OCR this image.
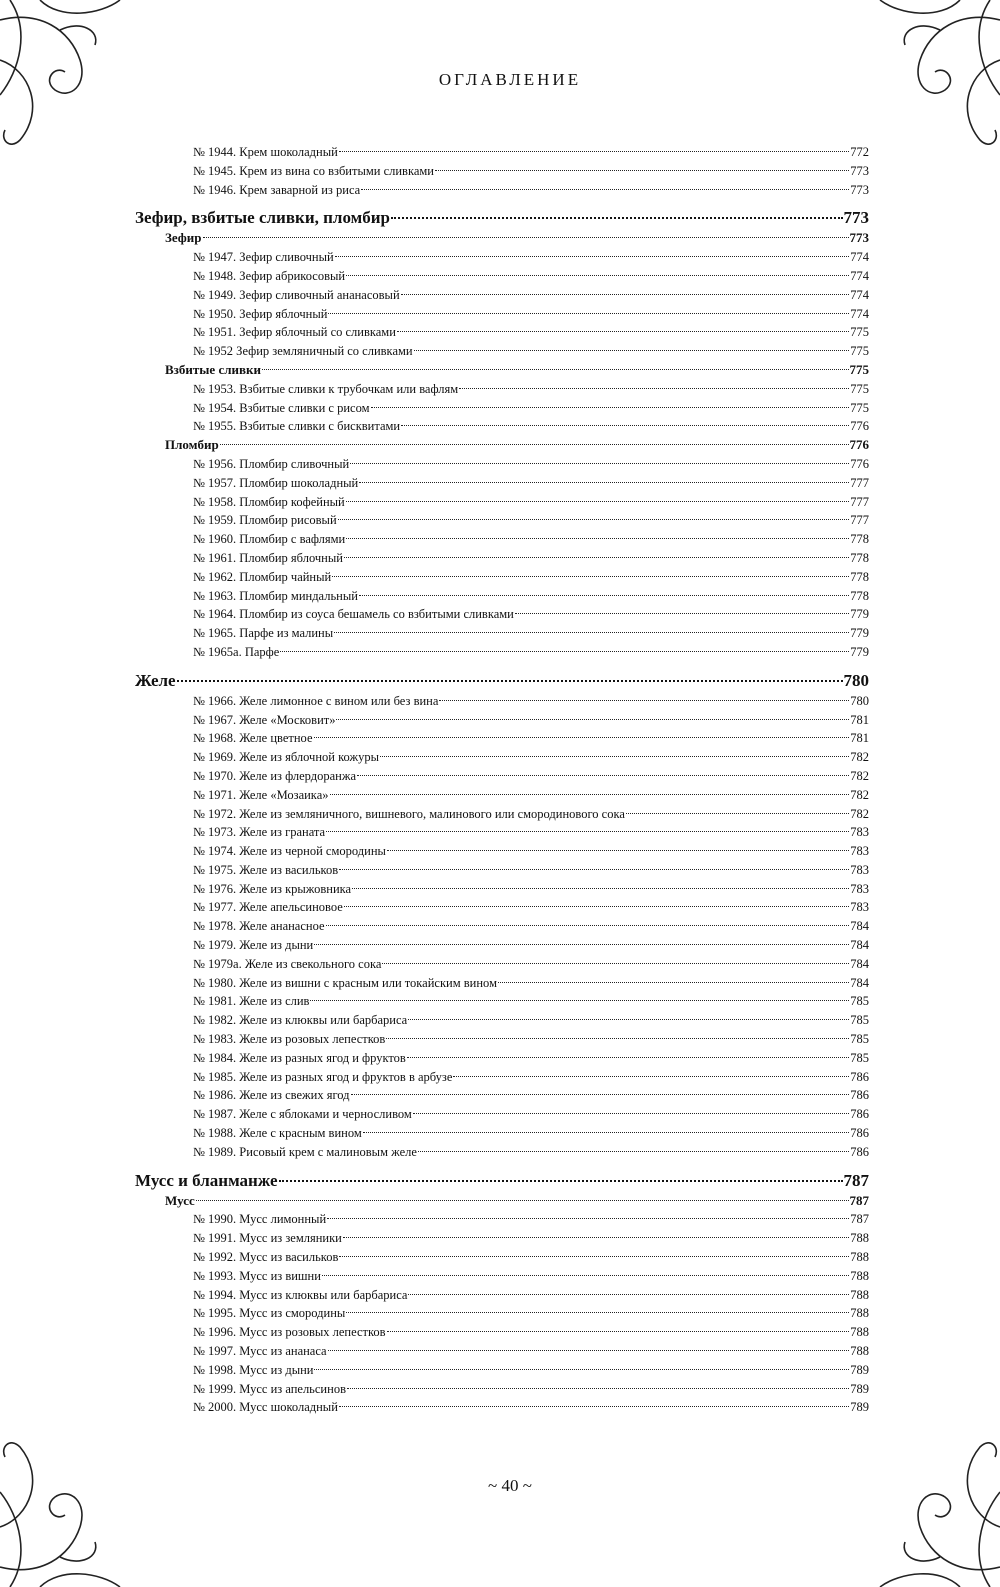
ОГЛАВЛЕНИЕ
№ 1944. Крем шоколадный	772
№ 1945. Крем из вина со взбитыми сливками	773
№ 1946. Крем заварной из риса	773
Зефир, взбитые сливки, пломбир	773
Зефир	773
№ 1947. Зефир сливочный	774
№ 1948. Зефир абрикосовый	774
№ 1949. Зефир сливочный ананасовый	774
№ 1950. Зефир яблочный	774
№ 1951. Зефир яблочный со сливками	775
№ 1952 Зефир земляничный со сливками	775
Взбитые сливки	775
№ 1953. Взбитые сливки к трубочкам или вафлям	775
№ 1954. Взбитые сливки с рисом	775
№ 1955. Взбитые сливки с бисквитами	776
Пломбир	776
№ 1956. Пломбир сливочный	776
№ 1957. Пломбир шоколадный	777
№ 1958. Пломбир кофейный	777
№ 1959. Пломбир рисовый	777
№ 1960. Пломбир с вафлями	778
№ 1961. Пломбир яблочный	778
№ 1962. Пломбир чайный	778
№ 1963. Пломбир миндальный	778
№ 1964. Пломбир из соуса бешамель со взбитыми сливками	779
№ 1965. Парфе из малины	779
№ 1965а. Парфе	779
Желе	780
№ 1966. Желе лимонное с вином или без вина	780
№ 1967. Желе «Московит»	781
№ 1968. Желе цветное	781
№ 1969. Желе из яблочной кожуры	782
№ 1970. Желе из флердоранжа	782
№ 1971. Желе «Мозаика»	782
№ 1972. Желе из земляничного, вишневого, малинового или смородинового сока	782
№ 1973. Желе из граната	783
№ 1974. Желе из черной смородины	783
№ 1975. Желе из васильков	783
№ 1976. Желе из крыжовника	783
№ 1977. Желе апельсиновое	783
№ 1978. Желе ананасное	784
№ 1979. Желе из дыни	784
№ 1979а. Желе из свекольного сока	784
№ 1980. Желе из вишни с красным или токайским вином	784
№ 1981. Желе из слив	785
№ 1982. Желе из клюквы или барбариса	785
№ 1983. Желе из розовых лепестков	785
№ 1984. Желе из разных ягод и фруктов	785
№ 1985. Желе из разных ягод и фруктов в арбузе	786
№ 1986. Желе из свежих ягод	786
№ 1987. Желе с яблоками и черносливом	786
№ 1988. Желе с красным вином	786
№ 1989. Рисовый крем с малиновым желе	786
Мусс и бланманже	787
Мусс	787
№ 1990. Мусс лимонный	787
№ 1991. Мусс из земляники	788
№ 1992. Мусс из васильков	788
№ 1993. Мусс из вишни	788
№ 1994. Мусс из клюквы или барбариса	788
№ 1995. Мусс из смородины	788
№ 1996. Мусс из розовых лепестков	788
№ 1997. Мусс из ананаса	788
№ 1998. Мусс из дыни	789
№ 1999. Мусс из апельсинов	789
№ 2000. Мусс шоколадный	789
~ 40 ~
